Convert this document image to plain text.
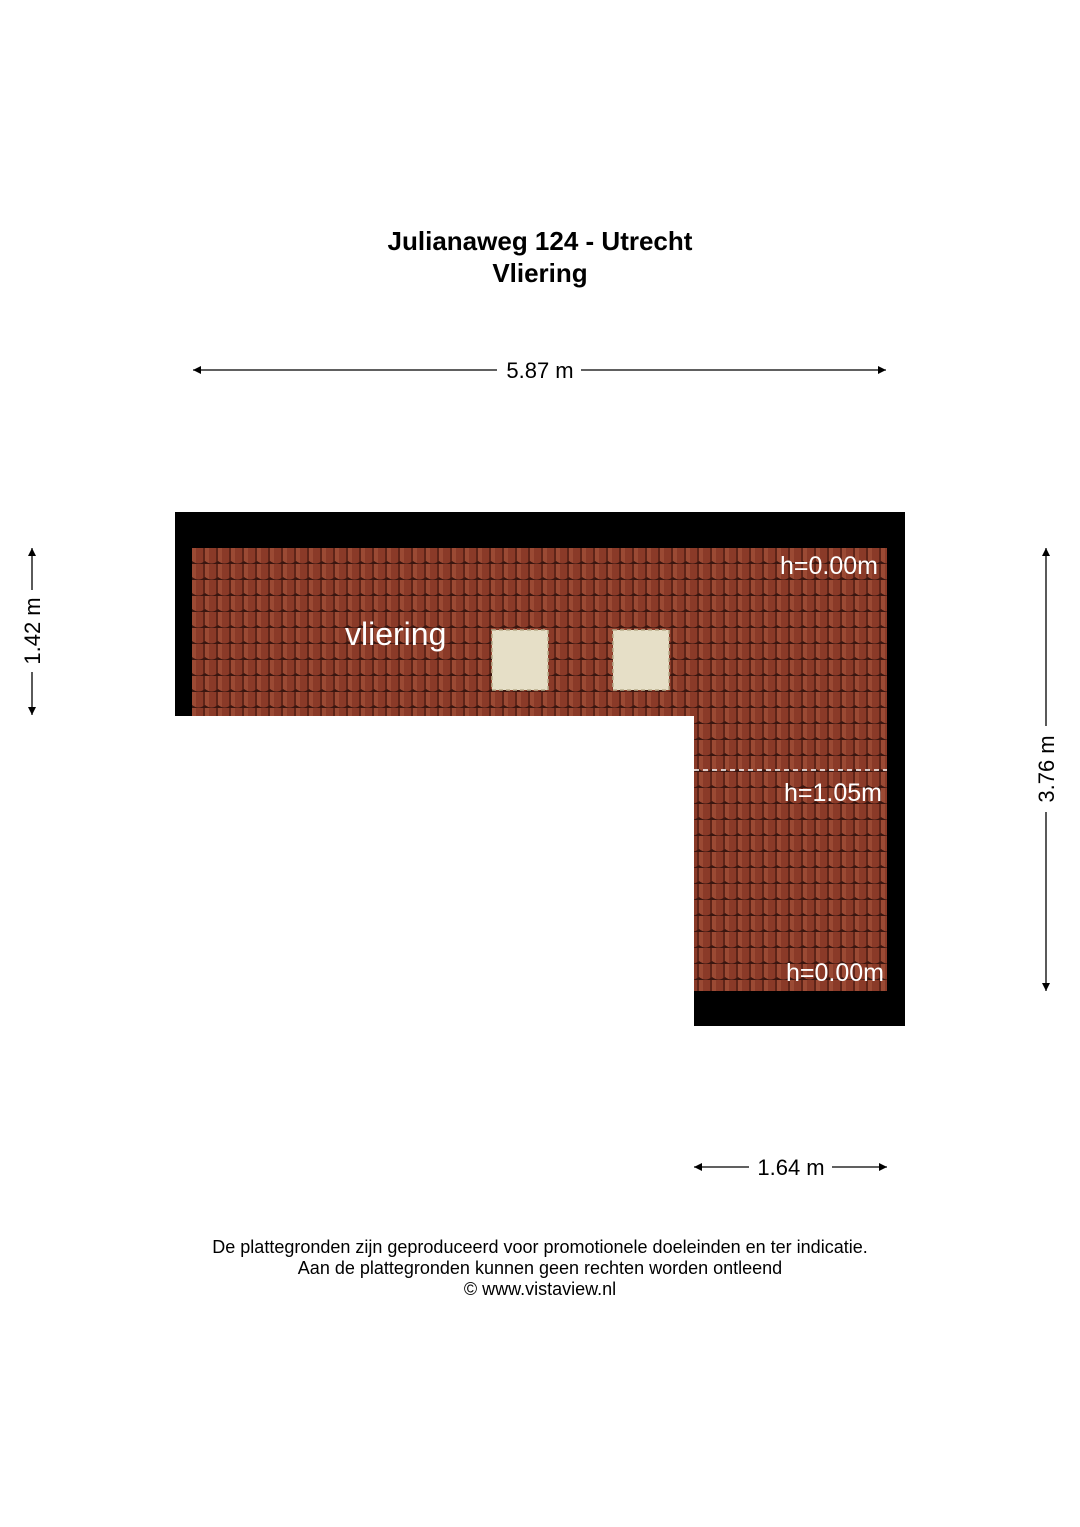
Julianaweg 124 - Utrecht
Vliering
vliering
h=0.00m
h=1.05m
h=0.00m
5.87 m
1.42 m
3.76 m
1.64 m
De plattegronden zijn geproduceerd voor promotionele doeleinden en ter indicatie.
Aan de plattegronden kunnen geen rechten worden ontleend
© www.vistaview.nl
